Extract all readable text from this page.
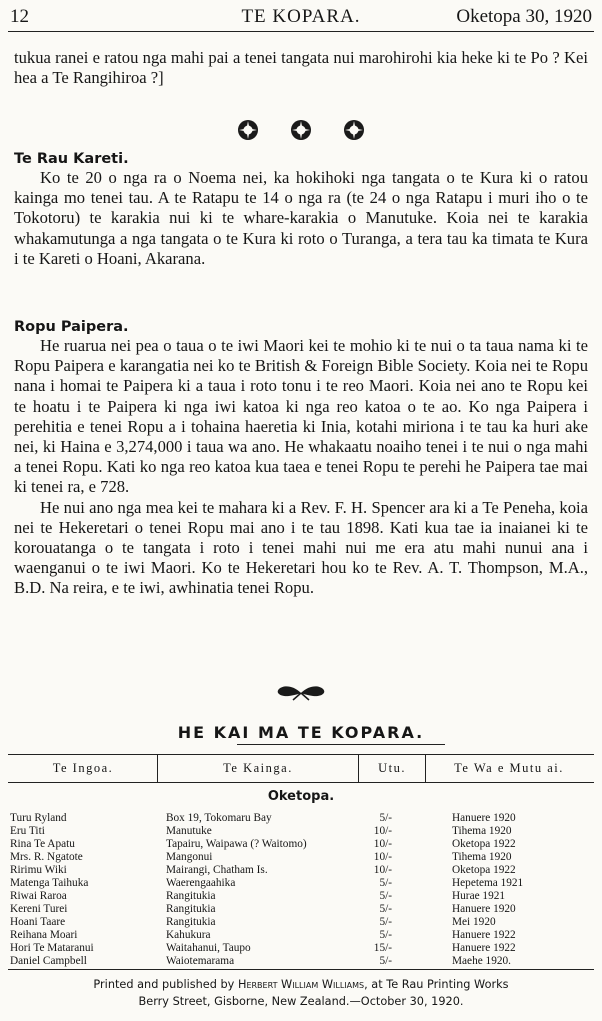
12	TE KOPARA.	Oketopa 30, 1920

tukua ranei e ratou nga mahi pai a tenei tangata nui marohirohi kia heke ki te Po ? Kei hea a Te Rangihiroa ?]

Te Rau Kareti.

Ko te 20 o nga ra o Noema nei, ka hokihoki nga tangata o te Kura ki o ratou kainga mo tenei tau. A te Ratapu te 14 o nga ra (te 24 o nga Ratapu i muri iho o te Tokotoru) te karakia nui ki te whare-karakia o Manutuke. Koia nei te karakia whakamutunga a nga tangata o te Kura ki roto o Turanga, a tera tau ka timata te Kura i te Kareti o Hoani, Akarana.

Ropu Paipera.

He ruarua nei pea o taua o te iwi Maori kei te mohio ki te nui o ta taua nama ki te Ropu Paipera e karangatia nei ko te British & Foreign Bible Society. Koia nei te Ropu nana i homai te Paipera ki a taua i roto tonu i te reo Maori. Koia nei ano te Ropu kei te hoatu i te Paipera ki nga iwi katoa ki nga reo katoa o te ao. Ko nga Paipera i perehitia e tenei Ropu a i tohaina haeretia ki Inia, kotahi miriona i te tau ka huri ake nei, ki Haina e 3,274,000 i taua wa ano. He whakaatu noaiho tenei i te nui o nga mahi a tenei Ropu. Kati ko nga reo katoa kua taea e tenei Ropu te perehi he Paipera tae mai ki tenei ra, e 728.

He nui ano nga mea kei te mahara ki a Rev. F. H. Spencer ara ki a Te Peneha, koia nei te Hekeretari o tenei Ropu mai ano i te tau 1898. Kati kua tae ia inaianei ki te korouatanga o te tangata i roto i tenei mahi nui me era atu mahi nunui ana i waenganui o te iwi Maori. Ko te Hekeretari hou ko te Rev. A. T. Thompson, M.A., B.D. Na reira, e te iwi, awhinatia tenei Ropu.

HE KAI MA TE KOPARA.
Te Ingoa.	Te Kainga.	Utu.	Te Wa e Mutu ai.
Oketopa.
Turu Ryland	Box 19, Tokomaru Bay	5/-	Hanuere 1920
Eru Titi	Manutuke	10/-	Tihema 1920
Rina Te Apatu	Tapairu, Waipawa (? Waitomo)	10/-	Oketopa 1922
Mrs. R. Ngatote	Mangonui	10/-	Tihema 1920
Ririmu Wiki	Mairangi, Chatham Is.	10/-	Oketopa 1922
Matenga Taihuka	Waerengaahika	5/-	Hepetema 1921
Riwai Raroa	Rangitukia	5/-	Hurae 1921
Kereni Turei	Rangitukia	5/-	Hanuere 1920
Hoani Taare	Rangitukia	5/-	Mei 1920
Reihana Moari	Kahukura	5/-	Hanuere 1922
Hori Te Mataranui	Waitahanui, Taupo	15/-	Hanuere 1922
Daniel Campbell	Waiotemarama	5/-	Maehe 1920.
Printed and published by Herbert William Williams, at Te Rau Printing Works
Berry Street, Gisborne, New Zealand.—October 30, 1920.
